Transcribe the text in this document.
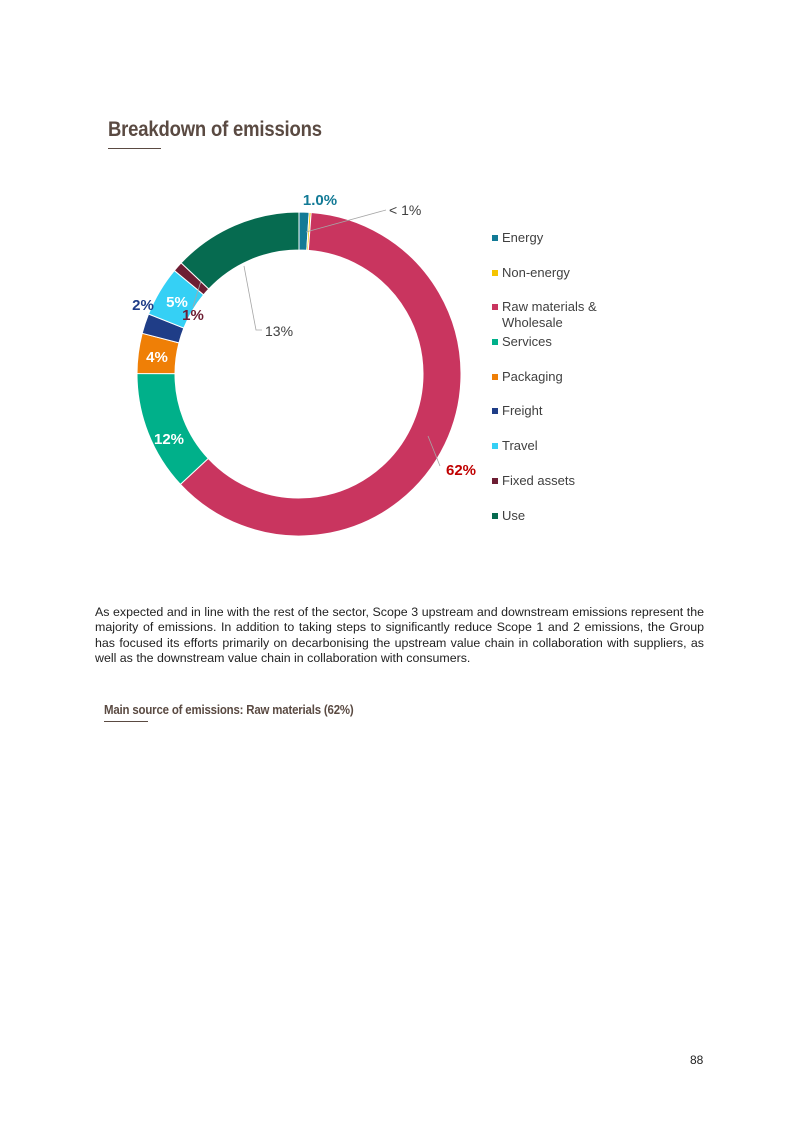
Breakdown of emissions
1.0%
< 1%
62%
12%
4%
2% 5%
1%
13%
Energy
Non-energy
Raw materials & Wholesale
Services
Packaging
Freight
Travel
Fixed assets
Use

As expected and in line with the rest of the sector, Scope 3 upstream and downstream emissions represent the majority of emissions. In addition to taking steps to significantly reduce Scope 1 and 2 emissions, the Group has focused its efforts primarily on decarbonising the upstream value chain in collaboration with suppliers, as well as the downstream value chain in collaboration with consumers.

Main source of emissions: Raw materials (62%)

88
